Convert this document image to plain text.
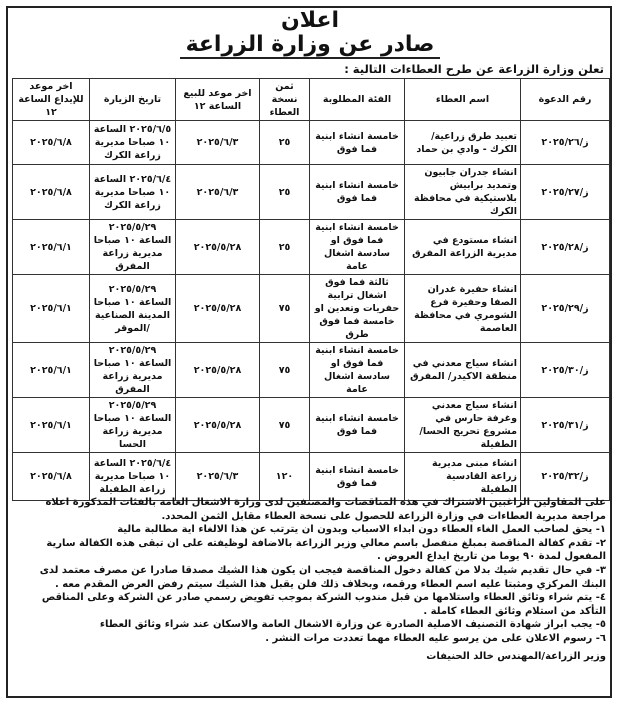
اعلان
صادر عن وزارة الزراعة
تعلن وزارة الزراعة عن طرح العطاءات التالية :
رقم الدعوة	اسم العطاء	الفئة المطلوبة	ثمن نسخة العطاء	اخر موعد للبيع الساعة ١٢	تاريخ الزيارة	اخر موعد للإيداع الساعة ١٢
ز/٢٠٢٥/٢٦	تعبيد طرق زراعية/الكرك - وادي بن حماد	خامسة انشاء ابنية فما فوق	٢٥	٢٠٢٥/٦/٣	٢٠٢٥/٦/٥ الساعة ١٠ صباحا مديرية زراعة الكرك	٢٠٢٥/٦/٨
ز/٢٠٢٥/٢٧	انشاء جدران جابيون وتمديد برابيش بلاستيكية في محافظة الكرك	خامسة انشاء ابنية فما فوق	٢٥	٢٠٢٥/٦/٣	٢٠٢٥/٦/٤ الساعة ١٠ صباحا مديرية زراعة الكرك	٢٠٢٥/٦/٨
ز/٢٠٢٥/٢٨	انشاء مستودع في مديرية الزراعة المفرق	خامسة انشاء ابنية فما فوق او سادسة اشغال عامة	٢٥	٢٠٢٥/٥/٢٨	٢٠٢٥/٥/٢٩ الساعة ١٠ صباحا مديرية زراعة المفرق	٢٠٢٥/٦/١
ز/٢٠٢٥/٢٩	انشاء حفيرة غدران الصفا وحفيرة فرع الشومري في محافظة العاصمة	ثالثة فما فوق اشغال ترابية حفريات وتعدين او خامسة فما فوق طرق	٧٥	٢٠٢٥/٥/٢٨	٢٠٢٥/٥/٢٩ الساعة ١٠ صباحا المدينة الصناعية /الموقر	٢٠٢٥/٦/١
ز/٢٠٢٥/٣٠	انشاء سياج معدني في منطقة الاكيدر/ المفرق	خامسة انشاء ابنية فما فوق او سادسة اشغال عامة	٧٥	٢٠٢٥/٥/٢٨	٢٠٢٥/٥/٢٩ الساعة ١٠ صباحا مديرية زراعة المفرق	٢٠٢٥/٦/١
ز/٢٠٢٥/٣١	انشاء سياج معدني وغرفة حارس في مشروع تحريج الحسا/الطفيلة	خامسة انشاء ابنية فما فوق	٧٥	٢٠٢٥/٥/٢٨	٢٠٢٥/٥/٢٩ الساعة ١٠ صباحا مديرية زراعة الحسا	٢٠٢٥/٦/١
ز/٢٠٢٥/٣٢	انشاء مبنى مديرية زراعة القادسية الطفيلة	خامسة انشاء ابنية فما فوق	١٢٠	٢٠٢٥/٦/٣	٢٠٢٥/٦/٤ الساعة ١٠ صباحا مديرية زراعة الطفيلة	٢٠٢٥/٦/٨

على المقاولين الراغبين الاشتراك في هذه المناقصات والمصنفين لدى وزارة الاشغال العامة بالفئات المذكورة اعلاه مراجعة مديرية العطاءات في وزارة الزراعة للحصول على نسخة العطاء مقابل الثمن المحدد.

١- يحق لصاحب العمل الغاء العطاء دون ابداء الاسباب وبدون ان يترتب عن هذا الالغاء اية مطالبة مالية

٢- تقدم كفالة المناقصة بمبلغ منفصل باسم معالي وزير الزراعة بالاضافة لوظيفته على ان تبقى هذه الكفالة سارية المفعول لمدة ٩٠ يوما من تاريخ ايداع العروض .

٣- في حال تقديم شيك بدلا من كفالة دخول المناقصة فيجب ان يكون هذا الشيك مصدقا صادرا عن مصرف معتمد لدى البنك المركزي ومثبتا عليه اسم العطاء ورقمه، وبخلاف ذلك فلن يقبل هذا الشيك سيتم رفض العرض المقدم معه .

٤- يتم شراء وثائق العطاء واستلامها من قبل مندوب الشركة بموجب تفويض رسمي صادر عن الشركة وعلى المناقص التأكد من استلام وثائق العطاء كاملة .

٥- يجب ابراز شهادة التصنيف الاصلية الصادرة عن وزارة الاشغال العامة والاسكان عند شراء وثائق العطاء

٦- رسوم الاعلان على من يرسو عليه العطاء مهما تعددت مرات النشر .

وزير الزراعة/المهندس خالد الحنيفات
